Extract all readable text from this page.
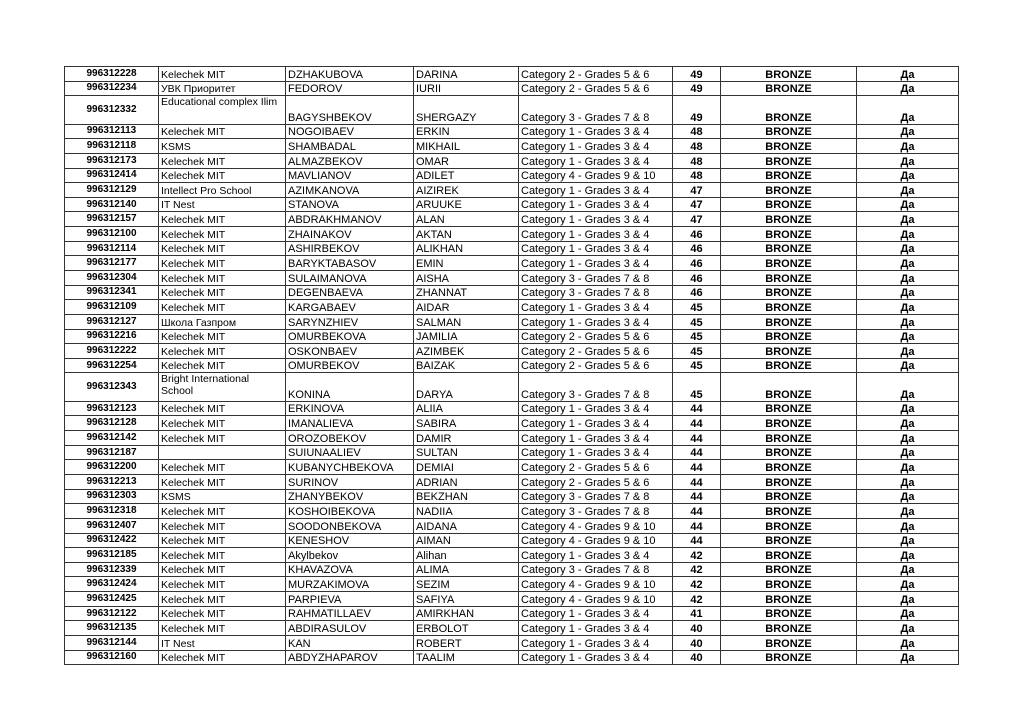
996312228	Kelechek MIT	DZHAKUBOVA	DARINA	Category 2 - Grades 5 & 6	49	BRONZE	Да
996312234	УВК Приоритет	FEDOROV	IURII	Category 2 - Grades 5 & 6	49	BRONZE	Да
996312332	Educational complex Ilim	BAGYSHBEKOV	SHERGAZY	Category 3 - Grades 7 & 8	49	BRONZE	Да
996312113	Kelechek MIT	NOGOIBAEV	ERKIN	Category 1 - Grades 3 & 4	48	BRONZE	Да
996312118	KSMS	SHAMBADAL	MIKHAIL	Category 1 - Grades 3 & 4	48	BRONZE	Да
996312173	Kelechek MIT	ALMAZBEKOV	OMAR	Category 1 - Grades 3 & 4	48	BRONZE	Да
996312414	Kelechek MIT	MAVLIANOV	ADILET	Category 4 - Grades 9 & 10	48	BRONZE	Да
996312129	Intellect Pro School	AZIMKANOVA	AIZIREK	Category 1 - Grades 3 & 4	47	BRONZE	Да
996312140	IT Nest	STANOVA	ARUUKE	Category 1 - Grades 3 & 4	47	BRONZE	Да
996312157	Kelechek MIT	ABDRAKHMANOV	ALAN	Category 1 - Grades 3 & 4	47	BRONZE	Да
996312100	Kelechek MIT	ZHAINAKOV	AKTAN	Category 1 - Grades 3 & 4	46	BRONZE	Да
996312114	Kelechek MIT	ASHIRBEKOV	ALIKHAN	Category 1 - Grades 3 & 4	46	BRONZE	Да
996312177	Kelechek MIT	BARYKTABASOV	EMIN	Category 1 - Grades 3 & 4	46	BRONZE	Да
996312304	Kelechek MIT	SULAIMANOVA	AISHA	Category 3 - Grades 7 & 8	46	BRONZE	Да
996312341	Kelechek MIT	DEGENBAEVA	ZHANNAT	Category 3 - Grades 7 & 8	46	BRONZE	Да
996312109	Kelechek MIT	KARGABAEV	AIDAR	Category 1 - Grades 3 & 4	45	BRONZE	Да
996312127	Школа Газпром	SARYNZHIEV	SALMAN	Category 1 - Grades 3 & 4	45	BRONZE	Да
996312216	Kelechek MIT	OMURBEKOVA	JAMILIA	Category 2 - Grades 5 & 6	45	BRONZE	Да
996312222	Kelechek MIT	OSKONBAEV	AZIMBEK	Category 2 - Grades 5 & 6	45	BRONZE	Да
996312254	Kelechek MIT	OMURBEKOV	BAIZAK	Category 2 - Grades 5 & 6	45	BRONZE	Да
996312343	Bright International School	KONINA	DARYA	Category 3 - Grades 7 & 8	45	BRONZE	Да
996312123	Kelechek MIT	ERKINOVA	ALIIA	Category 1 - Grades 3 & 4	44	BRONZE	Да
996312128	Kelechek MIT	IMANALIEVA	SABIRA	Category 1 - Grades 3 & 4	44	BRONZE	Да
996312142	Kelechek MIT	OROZOBEKOV	DAMIR	Category 1 - Grades 3 & 4	44	BRONZE	Да
996312187		SUIUNAALIEV	SULTAN	Category 1 - Grades 3 & 4	44	BRONZE	Да
996312200	Kelechek MIT	KUBANYCHBEKOVA	DEMIAI	Category 2 - Grades 5 & 6	44	BRONZE	Да
996312213	Kelechek MIT	SURINOV	ADRIAN	Category 2 - Grades 5 & 6	44	BRONZE	Да
996312303	KSMS	ZHANYBEKOV	BEKZHAN	Category 3 - Grades 7 & 8	44	BRONZE	Да
996312318	Kelechek MIT	KOSHOIBEKOVA	NADIIA	Category 3 - Grades 7 & 8	44	BRONZE	Да
996312407	Kelechek MIT	SOODONBEKOVA	AIDANA	Category 4 - Grades 9 & 10	44	BRONZE	Да
996312422	Kelechek MIT	KENESHOV	AIMAN	Category 4 - Grades 9 & 10	44	BRONZE	Да
996312185	Kelechek MIT	Akylbekov	Alihan	Category 1 - Grades 3 & 4	42	BRONZE	Да
996312339	Kelechek MIT	KHAVAZOVA	ALIMA	Category 3 - Grades 7 & 8	42	BRONZE	Да
996312424	Kelechek MIT	MURZAKIMOVA	SEZIM	Category 4 - Grades 9 & 10	42	BRONZE	Да
996312425	Kelechek MIT	PARPIEVA	SAFIYA	Category 4 - Grades 9 & 10	42	BRONZE	Да
996312122	Kelechek MIT	RAHMATILLAEV	AMIRKHAN	Category 1 - Grades 3 & 4	41	BRONZE	Да
996312135	Kelechek MIT	ABDIRASULOV	ERBOLOT	Category 1 - Grades 3 & 4	40	BRONZE	Да
996312144	IT Nest	KAN	ROBERT	Category 1 - Grades 3 & 4	40	BRONZE	Да
996312160	Kelechek MIT	ABDYZHAPAROV	TAALIM	Category 1 - Grades 3 & 4	40	BRONZE	Да
